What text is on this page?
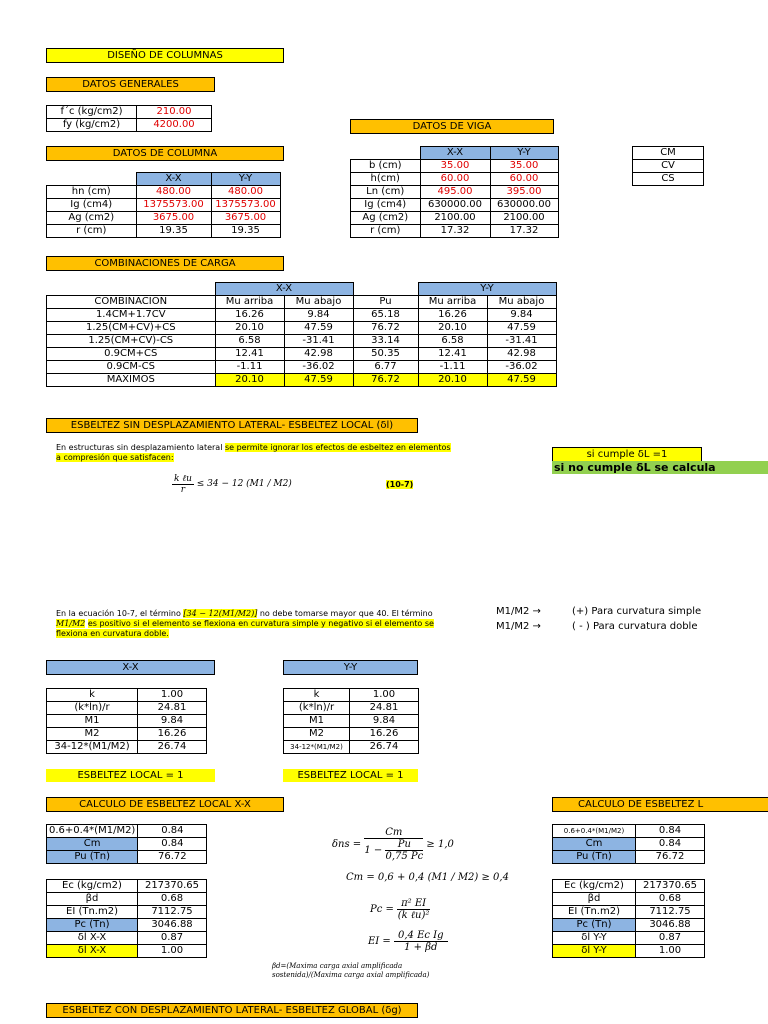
DISEÑO DE COLUMNAS
DATOS GENERALES
f´c (kg/cm2)	210.00
fy (kg/cm2)	4200.00
DATOS DE COLUMNA
	X-X	Y-Y
hn (cm)	480.00	480.00
Ig (cm4)	1375573.00	1375573.00
Ag (cm2)	3675.00	3675.00
r (cm)	19.35	19.35
DATOS DE VIGA
	X-X	Y-Y
b (cm)	35.00	35.00
h(cm)	60.00	60.00
Ln (cm)	495.00	395.00
Ig (cm4)	630000.00	630000.00
Ag (cm2)	2100.00	2100.00
r (cm)	17.32	17.32
CM
CV
CS
COMBINACIONES DE CARGA
	X-X			Y-Y	
COMBINACION	Mu arriba	Mu abajo	Pu	Mu arriba	Mu abajo
1.4CM+1.7CV	16.26	9.84	65.18	16.26	9.84
1.25(CM+CV)+CS	20.10	47.59	76.72	20.10	47.59
1.25(CM+CV)-CS	6.58	-31.41	33.14	6.58	-31.41
0.9CM+CS	12.41	42.98	50.35	12.41	42.98
0.9CM-CS	-1.11	-36.02	6.77	-1.11	-36.02
MAXIMOS	20.10	47.59	76.72	20.10	47.59
ESBELTEZ SIN DESPLAZAMIENTO LATERAL- ESBELTEZ LOCAL (δl)
En estructuras sin desplazamiento lateral se permite ignorar los efectos de esbeltez en elementos a compresión que satisfacen:
k ℓu
r
≤ 34 − 12 (M1 / M2)	(10-7)
si cumple δL =1
si no cumple δL se calcula
En la ecuación 10-7, el término [34 − 12(M1/M2)] no debe tomarse mayor que 40. El término M1/M2 es positivo si el elemento se flexiona en curvatura simple y negativo si el elemento se flexiona en curvatura doble.
M1/M2 →	(+) Para curvatura simple
M1/M2 →	( - ) Para curvatura doble
X-X
k	1.00
(k*ln)/r	24.81
M1	9.84
M2	16.26
34-12*(M1/M2)	26.74
ESBELTEZ LOCAL = 1
Y-Y
k	1.00
(k*ln)/r	24.81
M1	9.84
M2	16.26
34-12*(M1/M2)	26.74
ESBELTEZ LOCAL = 1
CALCULO DE ESBELTEZ LOCAL X-X
0.6+0.4*(M1/M2)	0.84
Cm	0.84
Pu (Tn)	76.72
Ec (kg/cm2)	217370.65
βd	0.68
EI (Tn.m2)	7112.75
Pc (Tn)	3046.88
δl X-X	0.87
δl X-X	1.00
$\delta ns = \frac{Cm}{1 - \frac{Pu}{0,75 Pc}} \ge 1,0$
Cm = 0,6 + 0,4 (M1 / M2) ≥ 0,4
Pc =
π² EI
(k ℓu)²
EI = $\frac{\text{0,4 Ec Ig}}{1 + \beta d}$
βd=(Maxima carga axial amplificada sostenida)/(Maxima carga axial amplificada)
CALCULO DE ESBELTEZ L
0.6+0.4*(M1/M2)	0.84
Cm	0.84
Pu (Tn)	76.72
Ec (kg/cm2)	217370.65
βd	0.68
EI (Tn.m2)	7112.75
Pc (Tn)	3046.88
δl Y-Y	0.87
δl Y-Y	1.00
ESBELTEZ CON DESPLAZAMIENTO LATERAL- ESBELTEZ GLOBAL (δg)
